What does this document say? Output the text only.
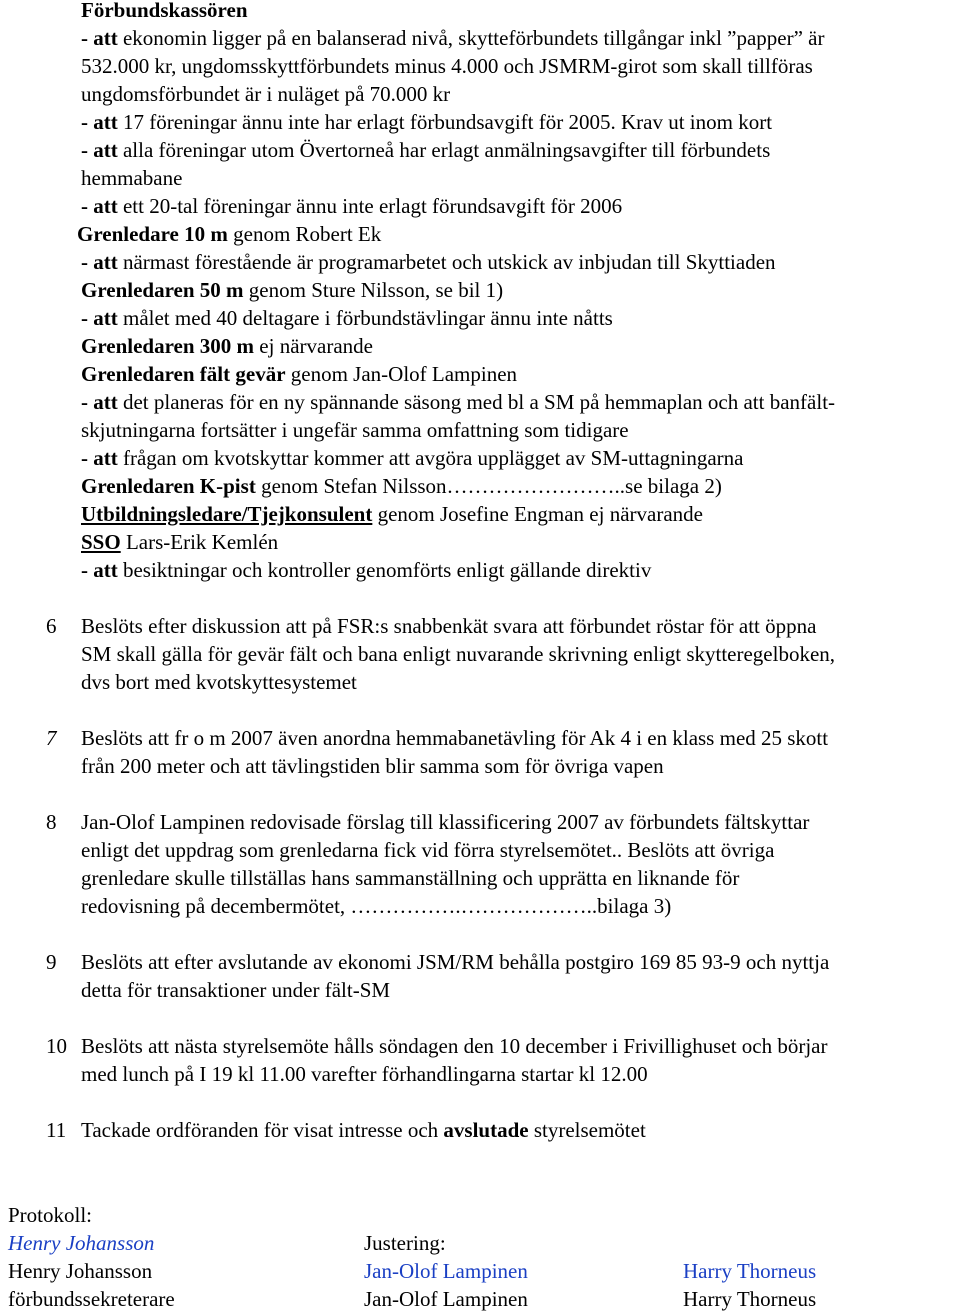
Förbundskassören
- att ekonomin ligger på en balanserad nivå, skytteförbundets tillgångar inkl ”papper” är
532.000 kr, ungdomsskyttförbundets minus 4.000 och JSMRM-girot som skall tillföras
ungdomsförbundet är i nuläget på 70.000 kr
- att 17 föreningar ännu inte har erlagt förbundsavgift för 2005. Krav ut inom kort
- att alla föreningar utom Övertorneå har erlagt anmälningsavgifter till förbundets
hemmabane
- att ett 20-tal föreningar ännu inte erlagt förundsavgift för 2006
Grenledare 10 m genom Robert Ek
- att närmast förestående är programarbetet och utskick av inbjudan till Skyttiaden
Grenledaren 50 m genom Sture Nilsson, se bil 1)
- att målet med 40 deltagare i förbundstävlingar ännu inte nåtts
Grenledaren 300 m ej närvarande
Grenledaren fält gevär genom Jan-Olof Lampinen
- att det planeras för en ny spännande säsong med bl a SM på hemmaplan och att banfält-
skjutningarna fortsätter i ungefär samma omfattning som tidigare
- att frågan om kvotskyttar kommer att avgöra upplägget av SM-uttagningarna
Grenledaren K-pist genom Stefan Nilsson……………………..se bilaga 2)
Utbildningsledare/Tjejkonsulent genom Josefine Engman ej närvarande
SSO Lars-Erik Kemlén
- att besiktningar och kontroller genomförts enligt gällande direktiv
6 Beslöts efter diskussion att på FSR:s snabbenkät svara att förbundet röstar för att öppna
SM skall gälla för gevär fält och bana enligt nuvarande skrivning enligt skytteregelboken,
dvs bort med kvotskyttesystemet
7 Beslöts att fr o m 2007 även anordna hemmabanetävling för Ak 4 i en klass med 25 skott
från 200 meter och att tävlingstiden blir samma som för övriga vapen
8 Jan-Olof Lampinen redovisade förslag till klassificering 2007 av förbundets fältskyttar
enligt det uppdrag som grenledarna fick vid förra styrelsemötet.. Beslöts att övriga
grenledare skulle tillställas hans sammanställning och upprätta en liknande för
redovisning på decembermötet, …………….………………..bilaga 3)
9 Beslöts att efter avslutande av ekonomi JSM/RM behålla postgiro 169 85 93-9 och nyttja
detta för transaktioner under fält-SM
10 Beslöts att nästa styrelsemöte hålls söndagen den 10 december i Frivillighuset och börjar
med lunch på I 19 kl 11.00 varefter förhandlingarna startar kl 12.00
11 Tackade ordföranden för visat intresse och avslutade styrelsemötet
Protokoll:
Henry Johansson
Henry Johansson
förbundssekreterare
Justering:
Jan-Olof Lampinen
Jan-Olof Lampinen
Harry Thorneus
Harry Thorneus
